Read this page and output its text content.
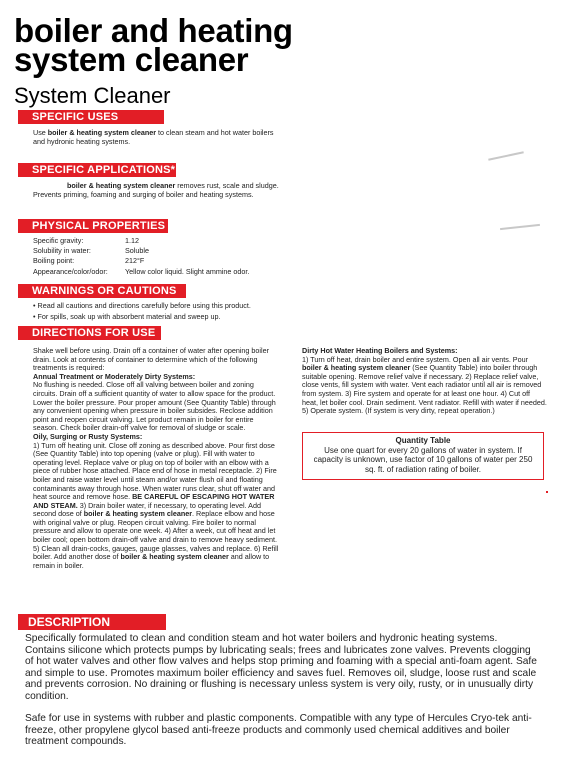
boiler and heating
system cleaner
System Cleaner
SPECIFIC USES
Use boiler & heating system cleaner to clean steam and hot water boilers and hydronic heating systems.
SPECIFIC APPLICATIONS*
boiler & heating system cleaner removes rust, scale and sludge. Prevents priming, foaming and surging of boiler and heating systems.
PHYSICAL PROPERTIES
Specific gravity:	1.12
Solubility in water:	Soluble
Boiling point:	212°F
Appearance/color/odor:	Yellow color liquid. Slight ammine odor.
WARNINGS OR CAUTIONS
• Read all cautions and directions carefully before using this product.
• For spills, soak up with absorbent material and sweep up.
DIRECTIONS FOR USE
Shake well before using. Drain off a container of water after opening boiler drain. Look at contents of container to determine which of the following treatments is required:
Annual Treatment or Moderately Dirty Systems:
No flushing is needed. Close off all valving between boiler and zoning circuits. Drain off a sufficient quantity of water to allow space for the product. Lower the boiler pressure. Pour proper amount (See Quantity Table) through any convenient opening when pressure in boiler subsides. Reclose addition point and reopen circuit valving. Let product remain in boiler for entire season. Check boiler drain-off valve for removal of sludge or scale.
Oily, Surging or Rusty Systems:
1) Turn off heating unit. Close off zoning as described above. Pour first dose (See Quantity Table) into top opening (valve or plug). Fill with water to operating level. Replace valve or plug on top of boiler with an elbow with a piece of rubber hose attached. Place end of hose in metal receptacle. 2) Fire boiler and raise water level until steam and/or water flush oil and floating contaminants away through hose. When water runs clear, shut off water and heat source and remove hose. BE CAREFUL OF ESCAPING HOT WATER AND STEAM. 3) Drain boiler water, if necessary, to operating level. Add second dose of boiler & heating system cleaner. Replace elbow and hose with original valve or plug. Reopen circuit valving. Fire boiler to normal pressure and allow to operate one week. 4) After a week, cut off heat and let boiler cool; open bottom drain-off valve and drain to remove heavy sediment. 5) Clean all drain-cocks, gauges, gauge glasses, valves and replace. 6) Refill boiler. Add another dose of boiler & heating system cleaner and allow to remain in boiler.
Dirty Hot Water Heating Boilers and Systems:
1) Turn off heat, drain boiler and entire system. Open all air vents. Pour boiler & heating system cleaner (See Quantity Table) into boiler through suitable opening. Remove relief valve if necessary. 2) Replace relief valve, close vents, fill system with water. Vent each radiator until all air is removed from system. 3) Fire system and operate for at least one hour. 4) Cut off heat, let boiler cool. Drain sediment. Vent radiator. Refill with water if needed. 5) Operate system. (If system is very dirty, repeat operation.)
Quantity Table
Use one quart for every 20 gallons of water in system. If capacity is unknown, use factor of 10 gallons of water per 250 sq. ft. of radiation rating of boiler.
DESCRIPTION
Specifically formulated to clean and condition steam and hot water boilers and hydronic heating systems. Contains silicone which protects pumps by lubricating seals; frees and lubricates zone valves. Prevents clogging of hot water valves and other flow valves and helps stop priming and foaming with a special anti-foam agent. Safe and simple to use. Promotes maximum boiler efficiency and saves fuel. Removes oil, sludge, loose rust and scale and prevents corrosion. No draining or flushing is necessary unless system is very oily, rusty, or in unusually dirty condition.
Safe for use in systems with rubber and plastic components. Compatible with any type of Hercules Cryo-tek anti-freeze, other propylene glycol based anti-freeze products and commonly used chemical additives and boiler treatment compounds.
